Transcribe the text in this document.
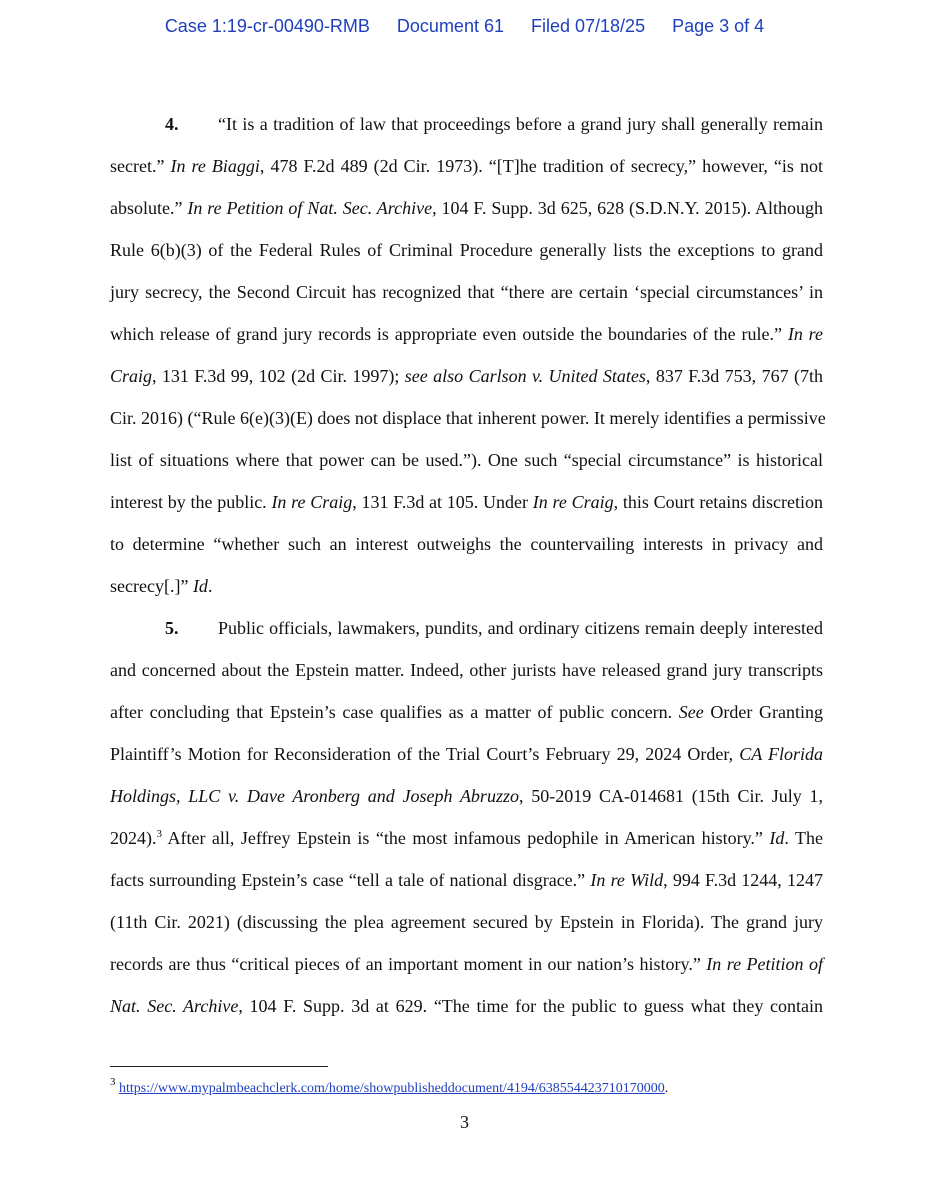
Case 1:19-cr-00490-RMB Document 61 Filed 07/18/25 Page 3 of 4
4. “It is a tradition of law that proceedings before a grand jury shall generally remain
secret.” In re Biaggi, 478 F.2d 489 (2d Cir. 1973). “[T]he tradition of secrecy,” however, “is not
absolute.” In re Petition of Nat. Sec. Archive, 104 F. Supp. 3d 625, 628 (S.D.N.Y. 2015). Although
Rule 6(b)(3) of the Federal Rules of Criminal Procedure generally lists the exceptions to grand
jury secrecy, the Second Circuit has recognized that “there are certain ‘special circumstances’ in
which release of grand jury records is appropriate even outside the boundaries of the rule.” In re
Craig, 131 F.3d 99, 102 (2d Cir. 1997); see also Carlson v. United States, 837 F.3d 753, 767 (7th
Cir. 2016) (“Rule 6(e)(3)(E) does not displace that inherent power. It merely identifies a permissive
list of situations where that power can be used.”). One such “special circumstance” is historical
interest by the public. In re Craig, 131 F.3d at 105. Under In re Craig, this Court retains discretion
to determine “whether such an interest outweighs the countervailing interests in privacy and
secrecy[.]” Id.
5. Public officials, lawmakers, pundits, and ordinary citizens remain deeply interested
and concerned about the Epstein matter. Indeed, other jurists have released grand jury transcripts
after concluding that Epstein’s case qualifies as a matter of public concern. See Order Granting
Plaintiff’s Motion for Reconsideration of the Trial Court’s February 29, 2024 Order, CA Florida
Holdings, LLC v. Dave Aronberg and Joseph Abruzzo, 50-2019 CA-014681 (15th Cir. July 1,
2024).$^3$ After all, Jeffrey Epstein is “the most infamous pedophile in American history.” Id. The
facts surrounding Epstein’s case “tell a tale of national disgrace.” In re Wild, 994 F.3d 1244, 1247
(11th Cir. 2021) (discussing the plea agreement secured by Epstein in Florida). The grand jury
records are thus “critical pieces of an important moment in our nation’s history.” In re Petition of
Nat. Sec. Archive, 104 F. Supp. 3d at 629. “The time for the public to guess what they contain
$^3$ https://www.mypalmbeachclerk.com/home/showpublisheddocument/4194/638554423710170000.
3
